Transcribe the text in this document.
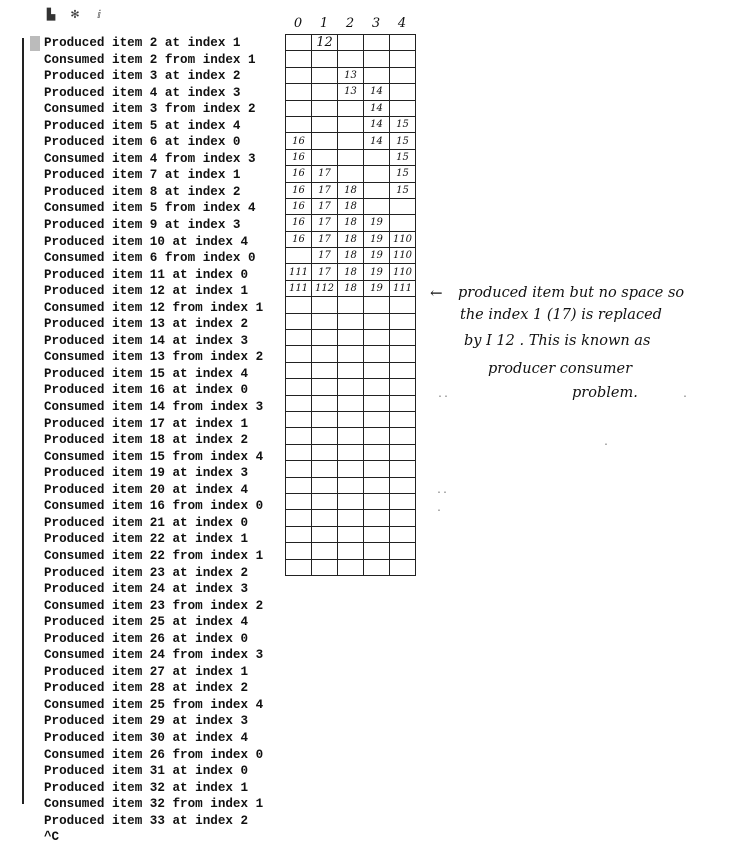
▙ ✻	ⅈ
Produced item 2 at index 1
Consumed item 2 from index 1
Produced item 3 at index 2
Produced item 4 at index 3
Consumed item 3 from index 2
Produced item 5 at index 4
Produced item 6 at index 0
Consumed item 4 from index 3
Produced item 7 at index 1
Produced item 8 at index 2
Consumed item 5 from index 4
Produced item 9 at index 3
Produced item 10 at index 4
Consumed item 6 from index 0
Produced item 11 at index 0
Produced item 12 at index 1
Consumed item 12 from index 1
Produced item 13 at index 2
Produced item 14 at index 3
Consumed item 13 from index 2
Produced item 15 at index 4
Produced item 16 at index 0
Consumed item 14 from index 3
Produced item 17 at index 1
Produced item 18 at index 2
Consumed item 15 from index 4
Produced item 19 at index 3
Produced item 20 at index 4
Consumed item 16 from index 0
Produced item 21 at index 0
Produced item 22 at index 1
Consumed item 22 from index 1
Produced item 23 at index 2
Produced item 24 at index 3
Consumed item 23 from index 2
Produced item 25 at index 4
Produced item 26 at index 0
Consumed item 24 from index 3
Produced item 27 at index 1
Produced item 28 at index 2
Consumed item 25 from index 4
Produced item 29 at index 3
Produced item 30 at index 4
Consumed item 26 from index 0
Produced item 31 at index 0
Produced item 32 at index 1
Consumed item 32 from index 1
Produced item 33 at index 2
^C
0	1	2	3	4
	12			

		13		
		13	14	
			14	
			14	15
16			14	15
16				15
16	17			15
16	17	18		15
16	17	18		
16	17	18	19	
16	17	18	19	110
	17	18	19	110
111	17	18	19	110
111	112	18	19	111

				← produced item but no space so
the index 1 (17) is replaced
by I 12 . This is known as
producer consumer
problem.
··	·
·
··
·
